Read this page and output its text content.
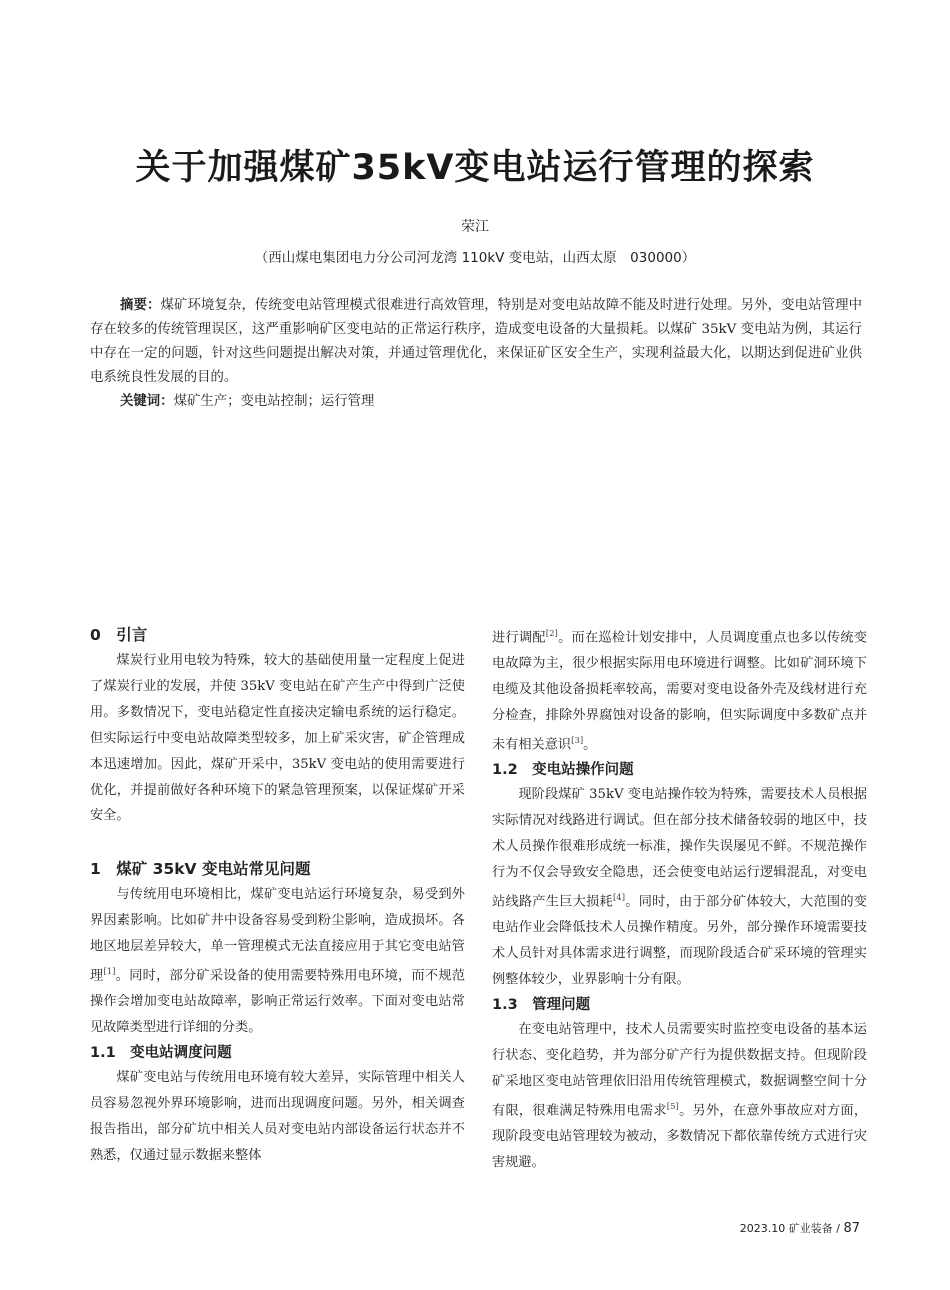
关于加强煤矿35kV变电站运行管理的探索
荣江
（西山煤电集团电力分公司河龙湾 110kV 变电站，山西太原　030000）

摘要：煤矿环境复杂，传统变电站管理模式很难进行高效管理，特别是对变电站故障不能及时进行处理。另外，变电站管理中存在较多的传统管理误区，这严重影响矿区变电站的正常运行秩序，造成变电设备的大量损耗。以煤矿 35kV 变电站为例，其运行中存在一定的问题，针对这些问题提出解决对策，并通过管理优化，来保证矿区安全生产，实现利益最大化，以期达到促进矿业供电系统良性发展的目的。

关键词：煤矿生产；变电站控制；运行管理

0　引言

煤炭行业用电较为特殊，较大的基础使用量一定程度上促进了煤炭行业的发展，并使 35kV 变电站在矿产生产中得到广泛使用。多数情况下，变电站稳定性直接决定输电系统的运行稳定。但实际运行中变电站故障类型较多，加上矿采灾害，矿企管理成本迅速增加。因此，煤矿开采中，35kV 变电站的使用需要进行优化，并提前做好各种环境下的紧急管理预案，以保证煤矿开采安全。

1　煤矿 35kV 变电站常见问题

与传统用电环境相比，煤矿变电站运行环境复杂，易受到外界因素影响。比如矿井中设备容易受到粉尘影响，造成损坏。各地区地层差异较大，单一管理模式无法直接应用于其它变电站管理[1]。同时，部分矿采设备的使用需要特殊用电环境，而不规范操作会增加变电站故障率，影响正常运行效率。下面对变电站常见故障类型进行详细的分类。

1.1　变电站调度问题

煤矿变电站与传统用电环境有较大差异，实际管理中相关人员容易忽视外界环境影响，进而出现调度问题。另外，相关调查报告指出，部分矿坑中相关人员对变电站内部设备运行状态并不熟悉，仅通过显示数据来整体

进行调配[2]。而在巡检计划安排中，人员调度重点也多以传统变电故障为主，很少根据实际用电环境进行调整。比如矿洞环境下电缆及其他设备损耗率较高，需要对变电设备外壳及线材进行充分检查，排除外界腐蚀对设备的影响，但实际调度中多数矿点并未有相关意识[3]。

1.2　变电站操作问题

现阶段煤矿 35kV 变电站操作较为特殊，需要技术人员根据实际情况对线路进行调试。但在部分技术储备较弱的地区中，技术人员操作很难形成统一标准，操作失误屡见不鲜。不规范操作行为不仅会导致安全隐患，还会使变电站运行逻辑混乱，对变电站线路产生巨大损耗[4]。同时，由于部分矿体较大，大范围的变电站作业会降低技术人员操作精度。另外，部分操作环境需要技术人员针对具体需求进行调整，而现阶段适合矿采环境的管理实例整体较少，业界影响十分有限。

1.3　管理问题

在变电站管理中，技术人员需要实时监控变电设备的基本运行状态、变化趋势，并为部分矿产行为提供数据支持。但现阶段矿采地区变电站管理依旧沿用传统管理模式，数据调整空间十分有限，很难满足特殊用电需求[5]。另外，在意外事故应对方面，现阶段变电站管理较为被动，多数情况下都依靠传统方式进行灾害规避。

2023.10 矿业装备 / 87
